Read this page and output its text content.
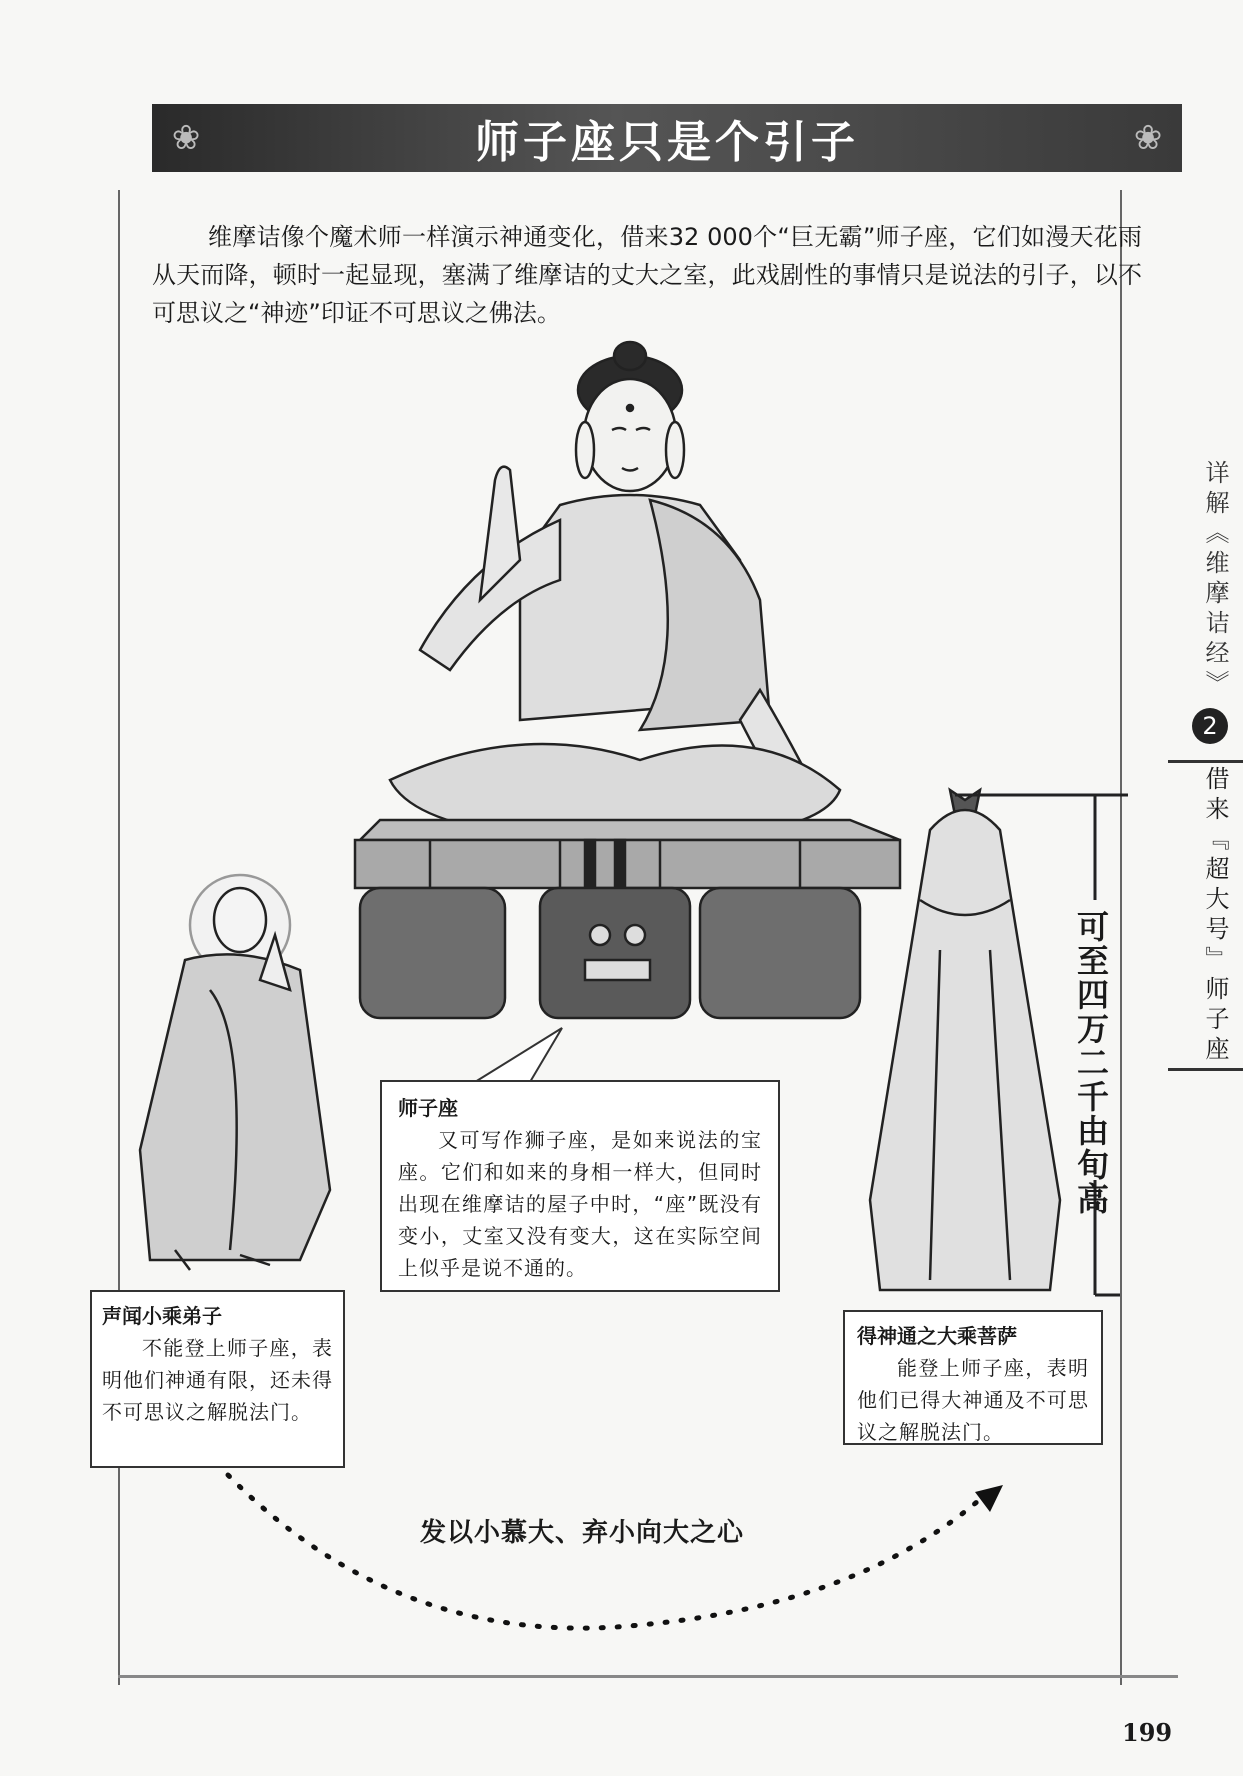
❀	师子座只是个引子	❀
维摩诘像个魔术师一样演示神通变化，借来32 000个“巨无霸”师子座，它们如漫天花雨从天而降，顿时一起显现，塞满了维摩诘的丈大之室，此戏剧性的事情只是说法的引子，以不可思议之“神迹”印证不可思议之佛法。
详解《维摩诘经》
2
借来『超大号』师子座
师子座
又可写作狮子座，是如来说法的宝座。它们和如来的身相一样大，但同时出现在维摩诘的屋子中时，“座”既没有变小，丈室又没有变大，这在实际空间上似乎是说不通的。
声闻小乘弟子
不能登上师子座，表明他们神通有限，还未得不可思议之解脱法门。
得神通之大乘菩萨
能登上师子座，表明他们已得大神通及不可思议之解脱法门。
可至四万二千由旬高
发以小慕大、弃小向大之心
199
